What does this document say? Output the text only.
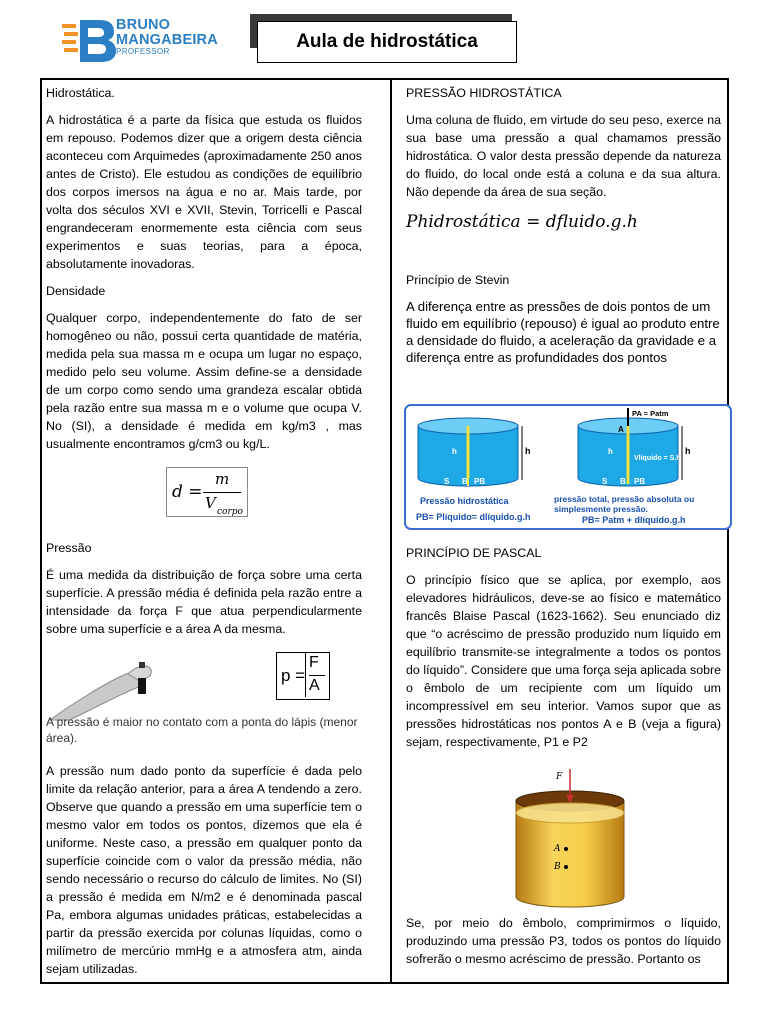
BRUNO
MANGABEIRA
PROFESSOR	Aula de hidrostática

Hidrostática.

A hidrostática é a parte da física que estuda os fluidos em repouso. Podemos dizer que a origem desta ciência aconteceu com Arquimedes (aproximadamente 250 anos antes de Cristo). Ele estudou as condições de equilíbrio dos corpos imersos na água e no ar. Mais tarde, por volta dos séculos XVI e XVII, Stevin, Torricelli e Pascal engrandeceram enormemente esta ciência com seus experimentos e suas teorias, para a época, absolutamente inovadoras.

Densidade

Qualquer corpo, independentemente do fato de ser homogêneo ou não, possui certa quantidade de matéria, medida pela sua massa m e ocupa um lugar no espaço, medido pelo seu volume. Assim define-se a densidade de um corpo como sendo uma grandeza escalar obtida pela razão entre sua massa m e o volume que ocupa V. No (SI), a densidade é medida em kg/m3 , mas usualmente encontramos g/cm3 ou kg/L.

d =
m
V corpo

Pressão

É uma medida da distribuição de força sobre uma certa superfície. A pressão média é definida pela razão entre a intensidade da força F que atua perpendicularmente sobre uma superfície e a área A da mesma.

p =
F
A

A pressão é maior no contato com a ponta do lápis (menor área).

A pressão num dado ponto da superfície é dada pelo limite da relação anterior, para a área A tendendo a zero. Observe que quando a pressão em uma superfície tem o mesmo valor em todos os pontos, dizemos que ela é uniforme. Neste caso, a pressão em qualquer ponto da superfície coincide com o valor da pressão média, não sendo necessário o recurso do cálculo de limites. No (SI) a pressão é medida em N/m2 e é denominada pascal Pa, embora algumas unidades práticas, estabelecidas a partir da pressão exercida por colunas líquidas, como o milímetro de mercúrio mmHg e a atmosfera atm, ainda sejam utilizadas.

PRESSÃO HIDROSTÁTICA

Uma coluna de fluido, em virtude do seu peso, exerce na sua base uma pressão a qual chamamos pressão hidrostática. O valor desta pressão depende da natureza do fluido, do local onde está a coluna e da sua altura. Não depende da área de sua seção.

Phidrostática = dfluido.g.h

Princípio de Stevin

A diferença entre as pressões de dois pontos de um fluido em equilíbrio (repouso) é igual ao produto entre a densidade do fluido, a aceleração da gravidade e a diferença entre as profundidades dos pontos

h	h
S B PB
PA = Patm
A
h
Vlíquido = S.h
h
S B PB
Pressão hidrostática
PB= Plíquido= dlíquido.g.h
pressão total, pressão absoluta ou
simplesmente pressão.
PB= Patm + dlíquido.g.h

PRINCÍPIO DE PASCAL

O princípio físico que se aplica, por exemplo, aos elevadores hidráulicos, deve-se ao físico e matemático francês Blaise Pascal (1623-1662). Seu enunciado diz que “o acréscimo de pressão produzido num líquido em equilíbrio transmite-se integralmente a todos os pontos do líquido”. Considere que uma força seja aplicada sobre o êmbolo de um recipiente com um líquido um incompressível em seu interior. Vamos supor que as pressões hidrostáticas nos pontos A e B (veja a figura) sejam, respectivamente, P1 e P2

F
A
B

Se, por meio do êmbolo, comprimirmos o líquido, produzindo uma pressão P3, todos os pontos do líquido sofrerão o mesmo acréscimo de pressão. Portanto os
